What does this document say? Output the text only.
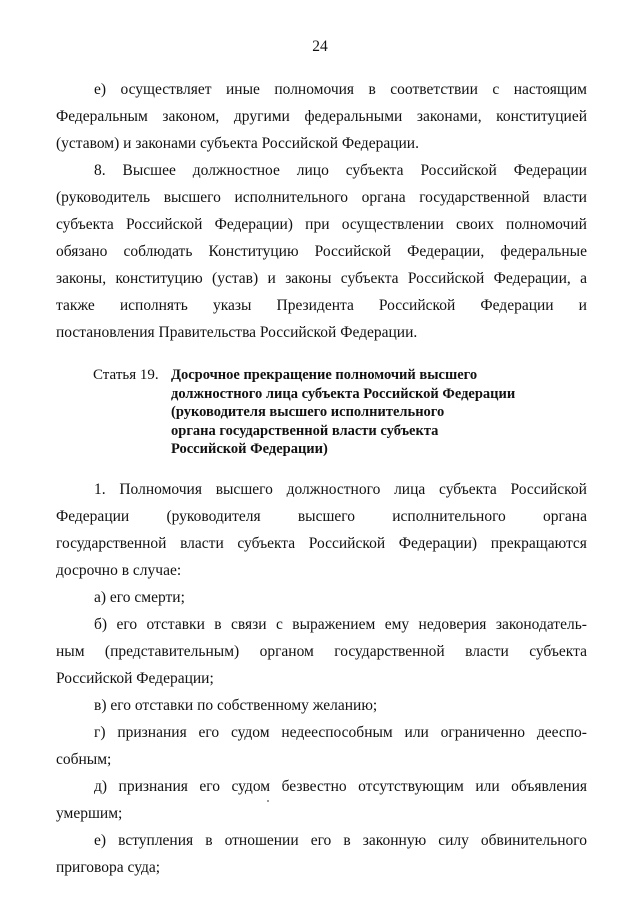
24
е) осуществляет иные полномочия в соответствии с настоящим
Федеральным законом, другими федеральными законами, конституцией
(уставом) и законами субъекта Российской Федерации.
8. Высшее должностное лицо субъекта Российской Федерации
(руководитель высшего исполнительного органа государственной власти
субъекта Российской Федерации) при осуществлении своих полномочий
обязано соблюдать Конституцию Российской Федерации, федеральные
законы, конституцию (устав) и законы субъекта Российской Федерации, а
также исполнять указы Президента Российской Федерации и
постановления Правительства Российской Федерации.
Статья 19. Досрочное прекращение полномочий высшего
должностного лица субъекта Российской Федерации
(руководителя высшего исполнительного
органа государственной власти субъекта
Российской Федерации)
1. Полномочия высшего должностного лица субъекта Российской
Федерации (руководителя высшего исполнительного органа
государственной власти субъекта Российской Федерации) прекращаются
досрочно в случае:
а) его смерти;
б) его отставки в связи с выражением ему недоверия законодатель-
ным (представительным) органом государственной власти субъекта
Российской Федерации;
в) его отставки по собственному желанию;
г) признания его судом недееспособным или ограниченно дееспо-
собным;
д) признания его судом безвестно отсутствующим или объявления
умершим;
е) вступления в отношении его в законную силу обвинительного
приговора суда;
